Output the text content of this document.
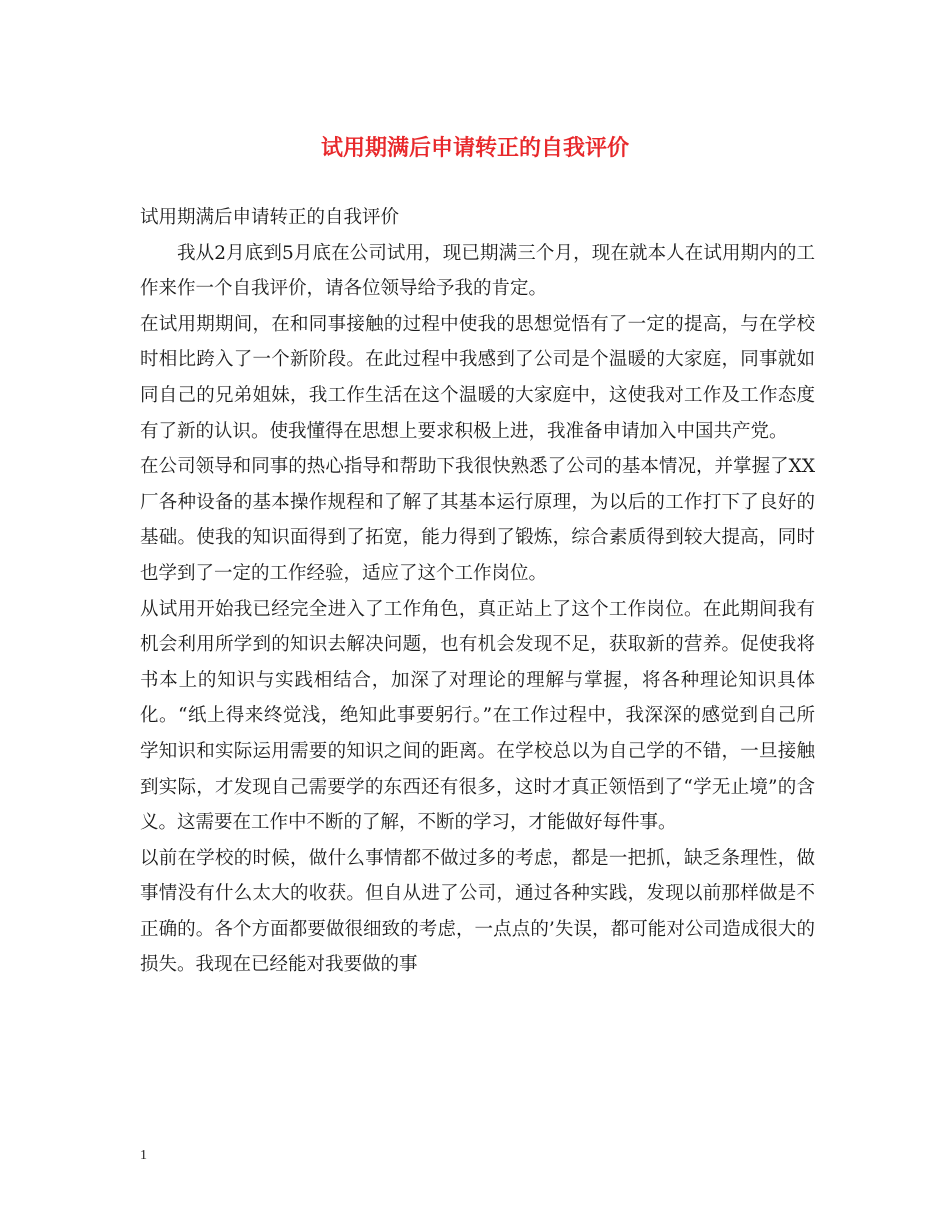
试用期满后申请转正的自我评价

试用期满后申请转正的自我评价

我从2月底到5月底在公司试用，现已期满三个月，现在就本人在试用期内的工作来作一个自我评价，请各位领导给予我的肯定。

在试用期期间，在和同事接触的过程中使我的思想觉悟有了一定的提高，与在学校时相比跨入了一个新阶段。在此过程中我感到了公司是个温暖的大家庭，同事就如同自己的兄弟姐妹，我工作生活在这个温暖的大家庭中，这使我对工作及工作态度有了新的认识。使我懂得在思想上要求积极上进，我准备申请加入中国共产党。

在公司领导和同事的热心指导和帮助下我很快熟悉了公司的基本情况，并掌握了XX厂各种设备的基本操作规程和了解了其基本运行原理，为以后的工作打下了良好的基础。使我的知识面得到了拓宽，能力得到了锻炼，综合素质得到较大提高，同时也学到了一定的工作经验，适应了这个工作岗位。

从试用开始我已经完全进入了工作角色，真正站上了这个工作岗位。在此期间我有机会利用所学到的知识去解决问题，也有机会发现不足，获取新的营养。促使我将书本上的知识与实践相结合，加深了对理论的理解与掌握，将各种理论知识具体化。“纸上得来终觉浅，绝知此事要躬行。”在工作过程中，我深深的感觉到自己所学知识和实际运用需要的知识之间的距离。在学校总以为自己学的不错，一旦接触到实际，才发现自己需要学的东西还有很多，这时才真正领悟到了“学无止境”的含义。这需要在工作中不断的了解，不断的学习，才能做好每件事。

以前在学校的时候，做什么事情都不做过多的考虑，都是一把抓，缺乏条理性，做事情没有什么太大的收获。但自从进了公司，通过各种实践，发现以前那样做是不正确的。各个方面都要做很细致的考虑，一点点的’失误，都可能对公司造成很大的损失。我现在已经能对我要做的事

1
